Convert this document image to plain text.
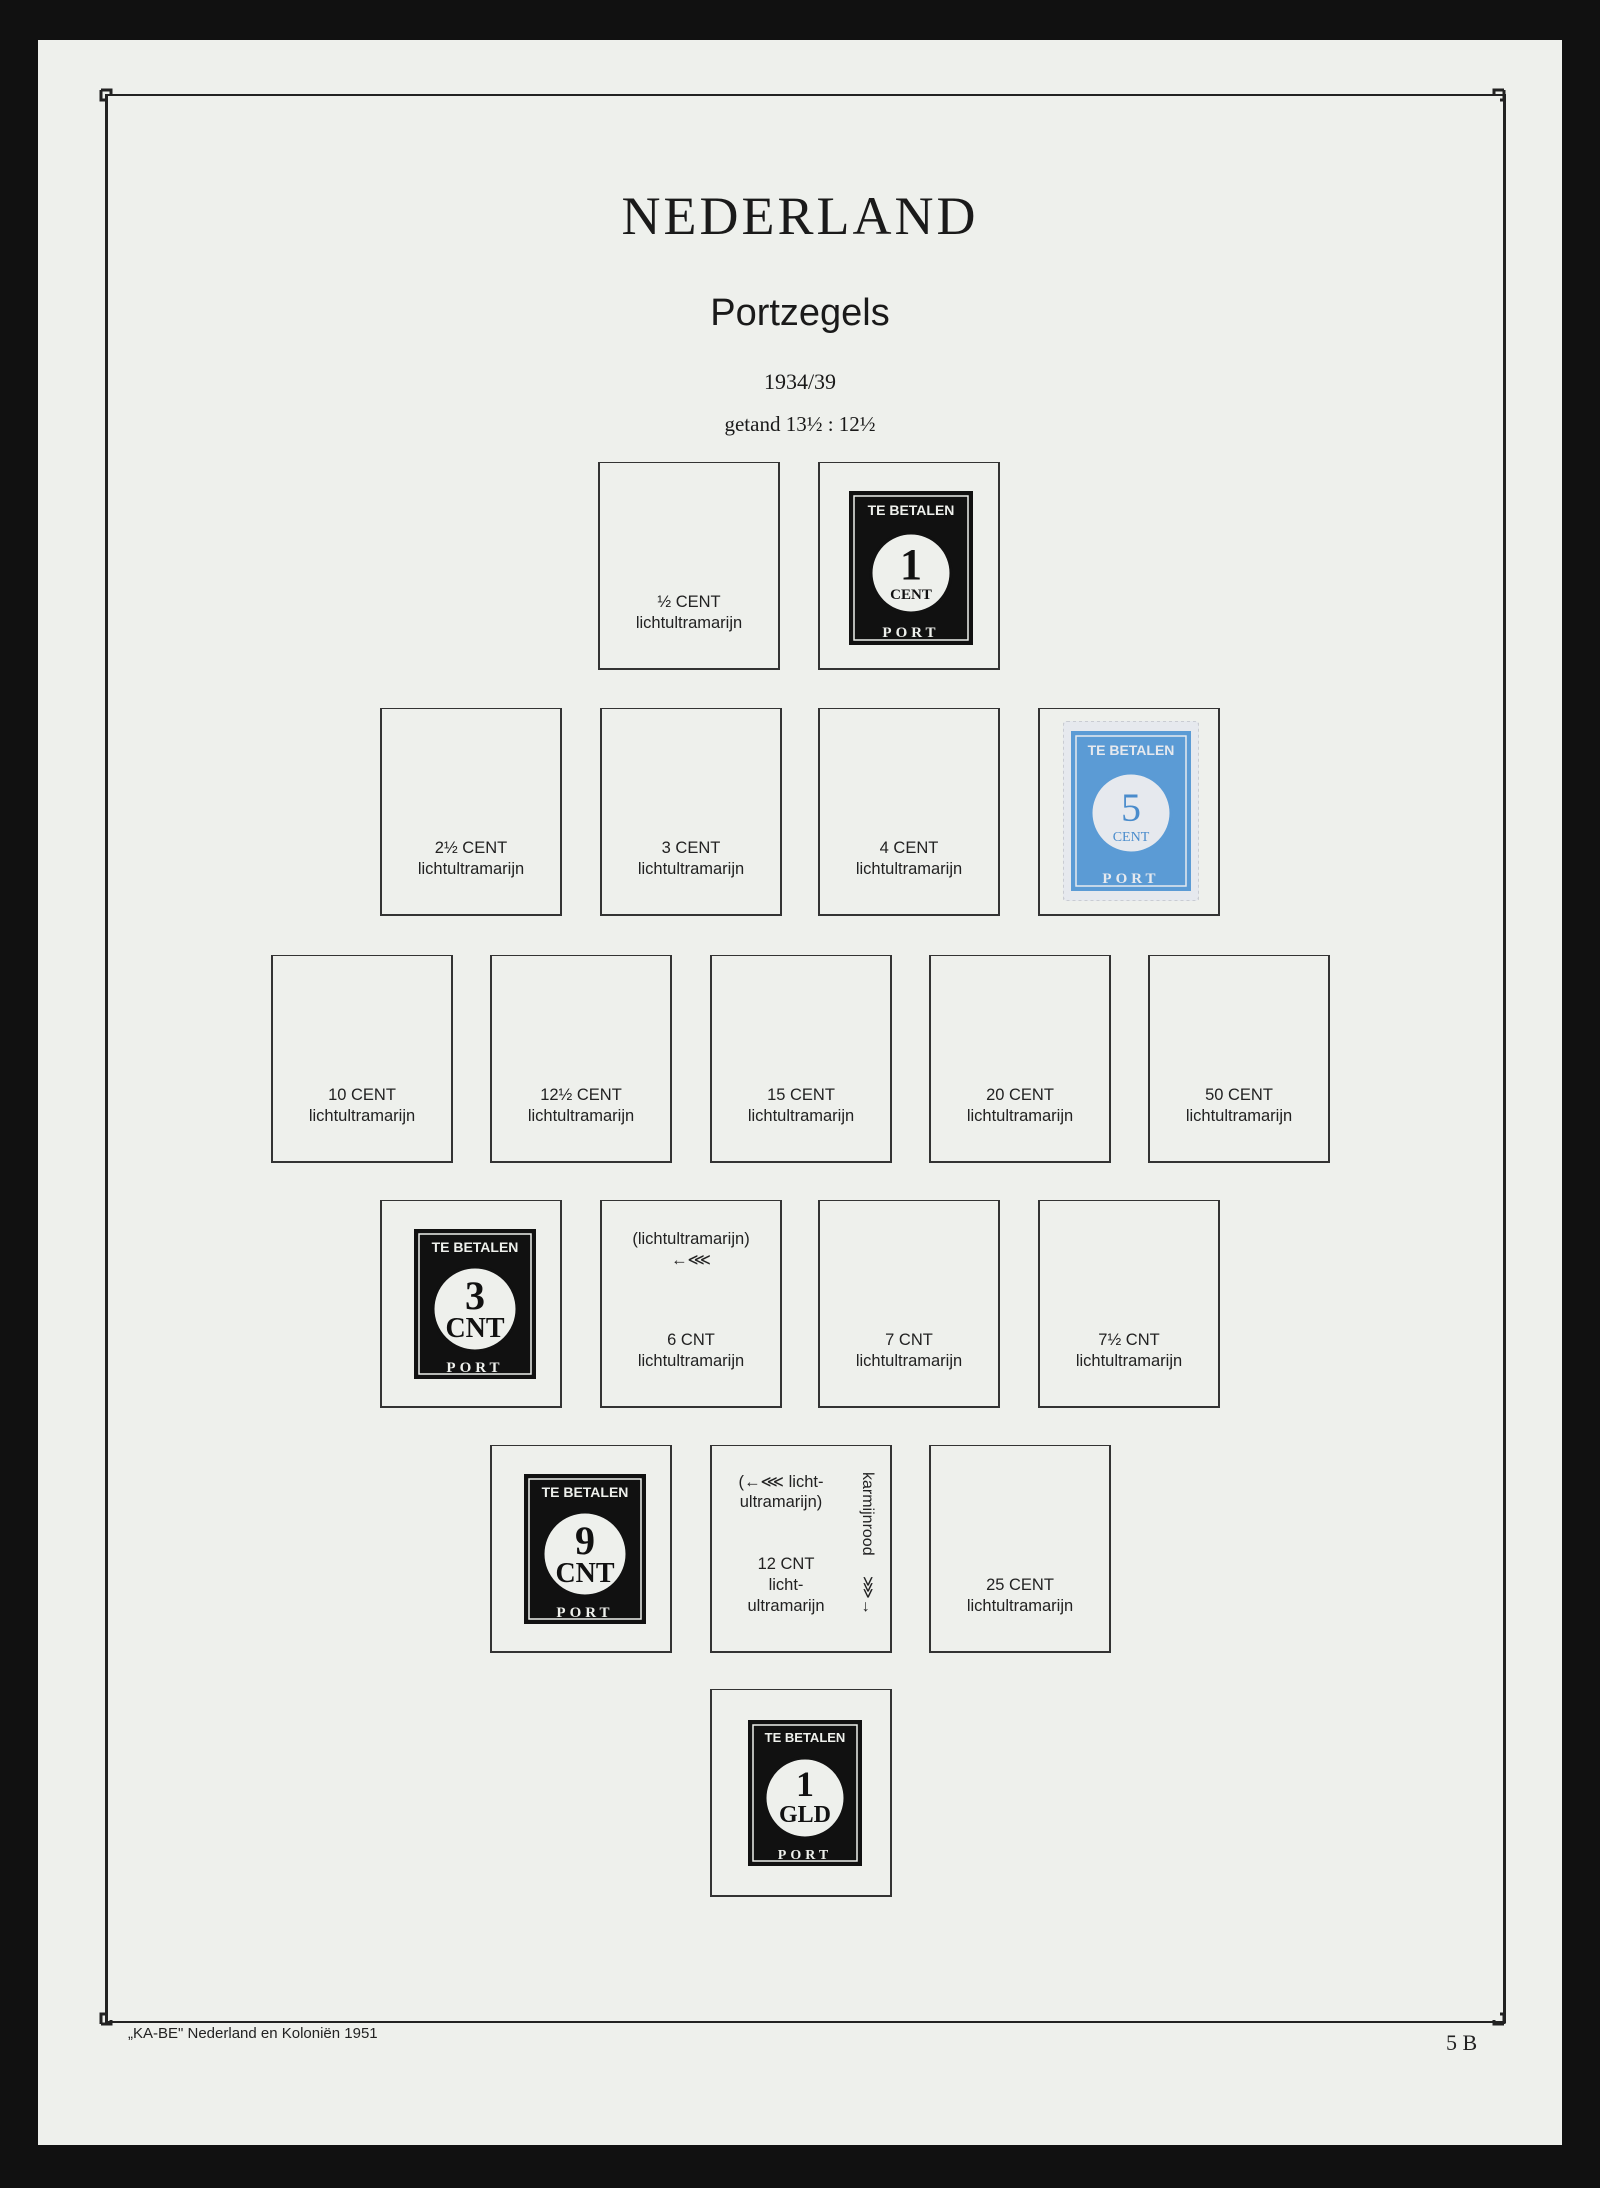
NEDERLAND
Portzegels
1934/39
getand 13½ : 12½
½ CENT
lichtultramarijn
TE BETALEN
1
CENT
PORT
2½ CENT
lichtultramarijn
3 CENT
lichtultramarijn
4 CENT
lichtultramarijn
TE BETALEN
5
CENT
PORT
10 CENT
lichtultramarijn
12½ CENT
lichtultramarijn
15 CENT
lichtultramarijn
20 CENT
lichtultramarijn
50 CENT
lichtultramarijn
TE BETALEN
3
CNT
PORT
(lichtultramarijn)
←⋘
6 CNT
lichtultramarijn
7 CNT
lichtultramarijn
7½ CNT
lichtultramarijn
TE BETALEN
9
CNT
PORT
(←⋘ licht-
ultramarijn)	karmijnrood
⋙→
12 CNT
licht-
ultramarijn
25 CENT
lichtultramarijn
TE BETALEN
1
GLD
PORT
„KA-BE" Nederland en Koloniën 1951	5 B
